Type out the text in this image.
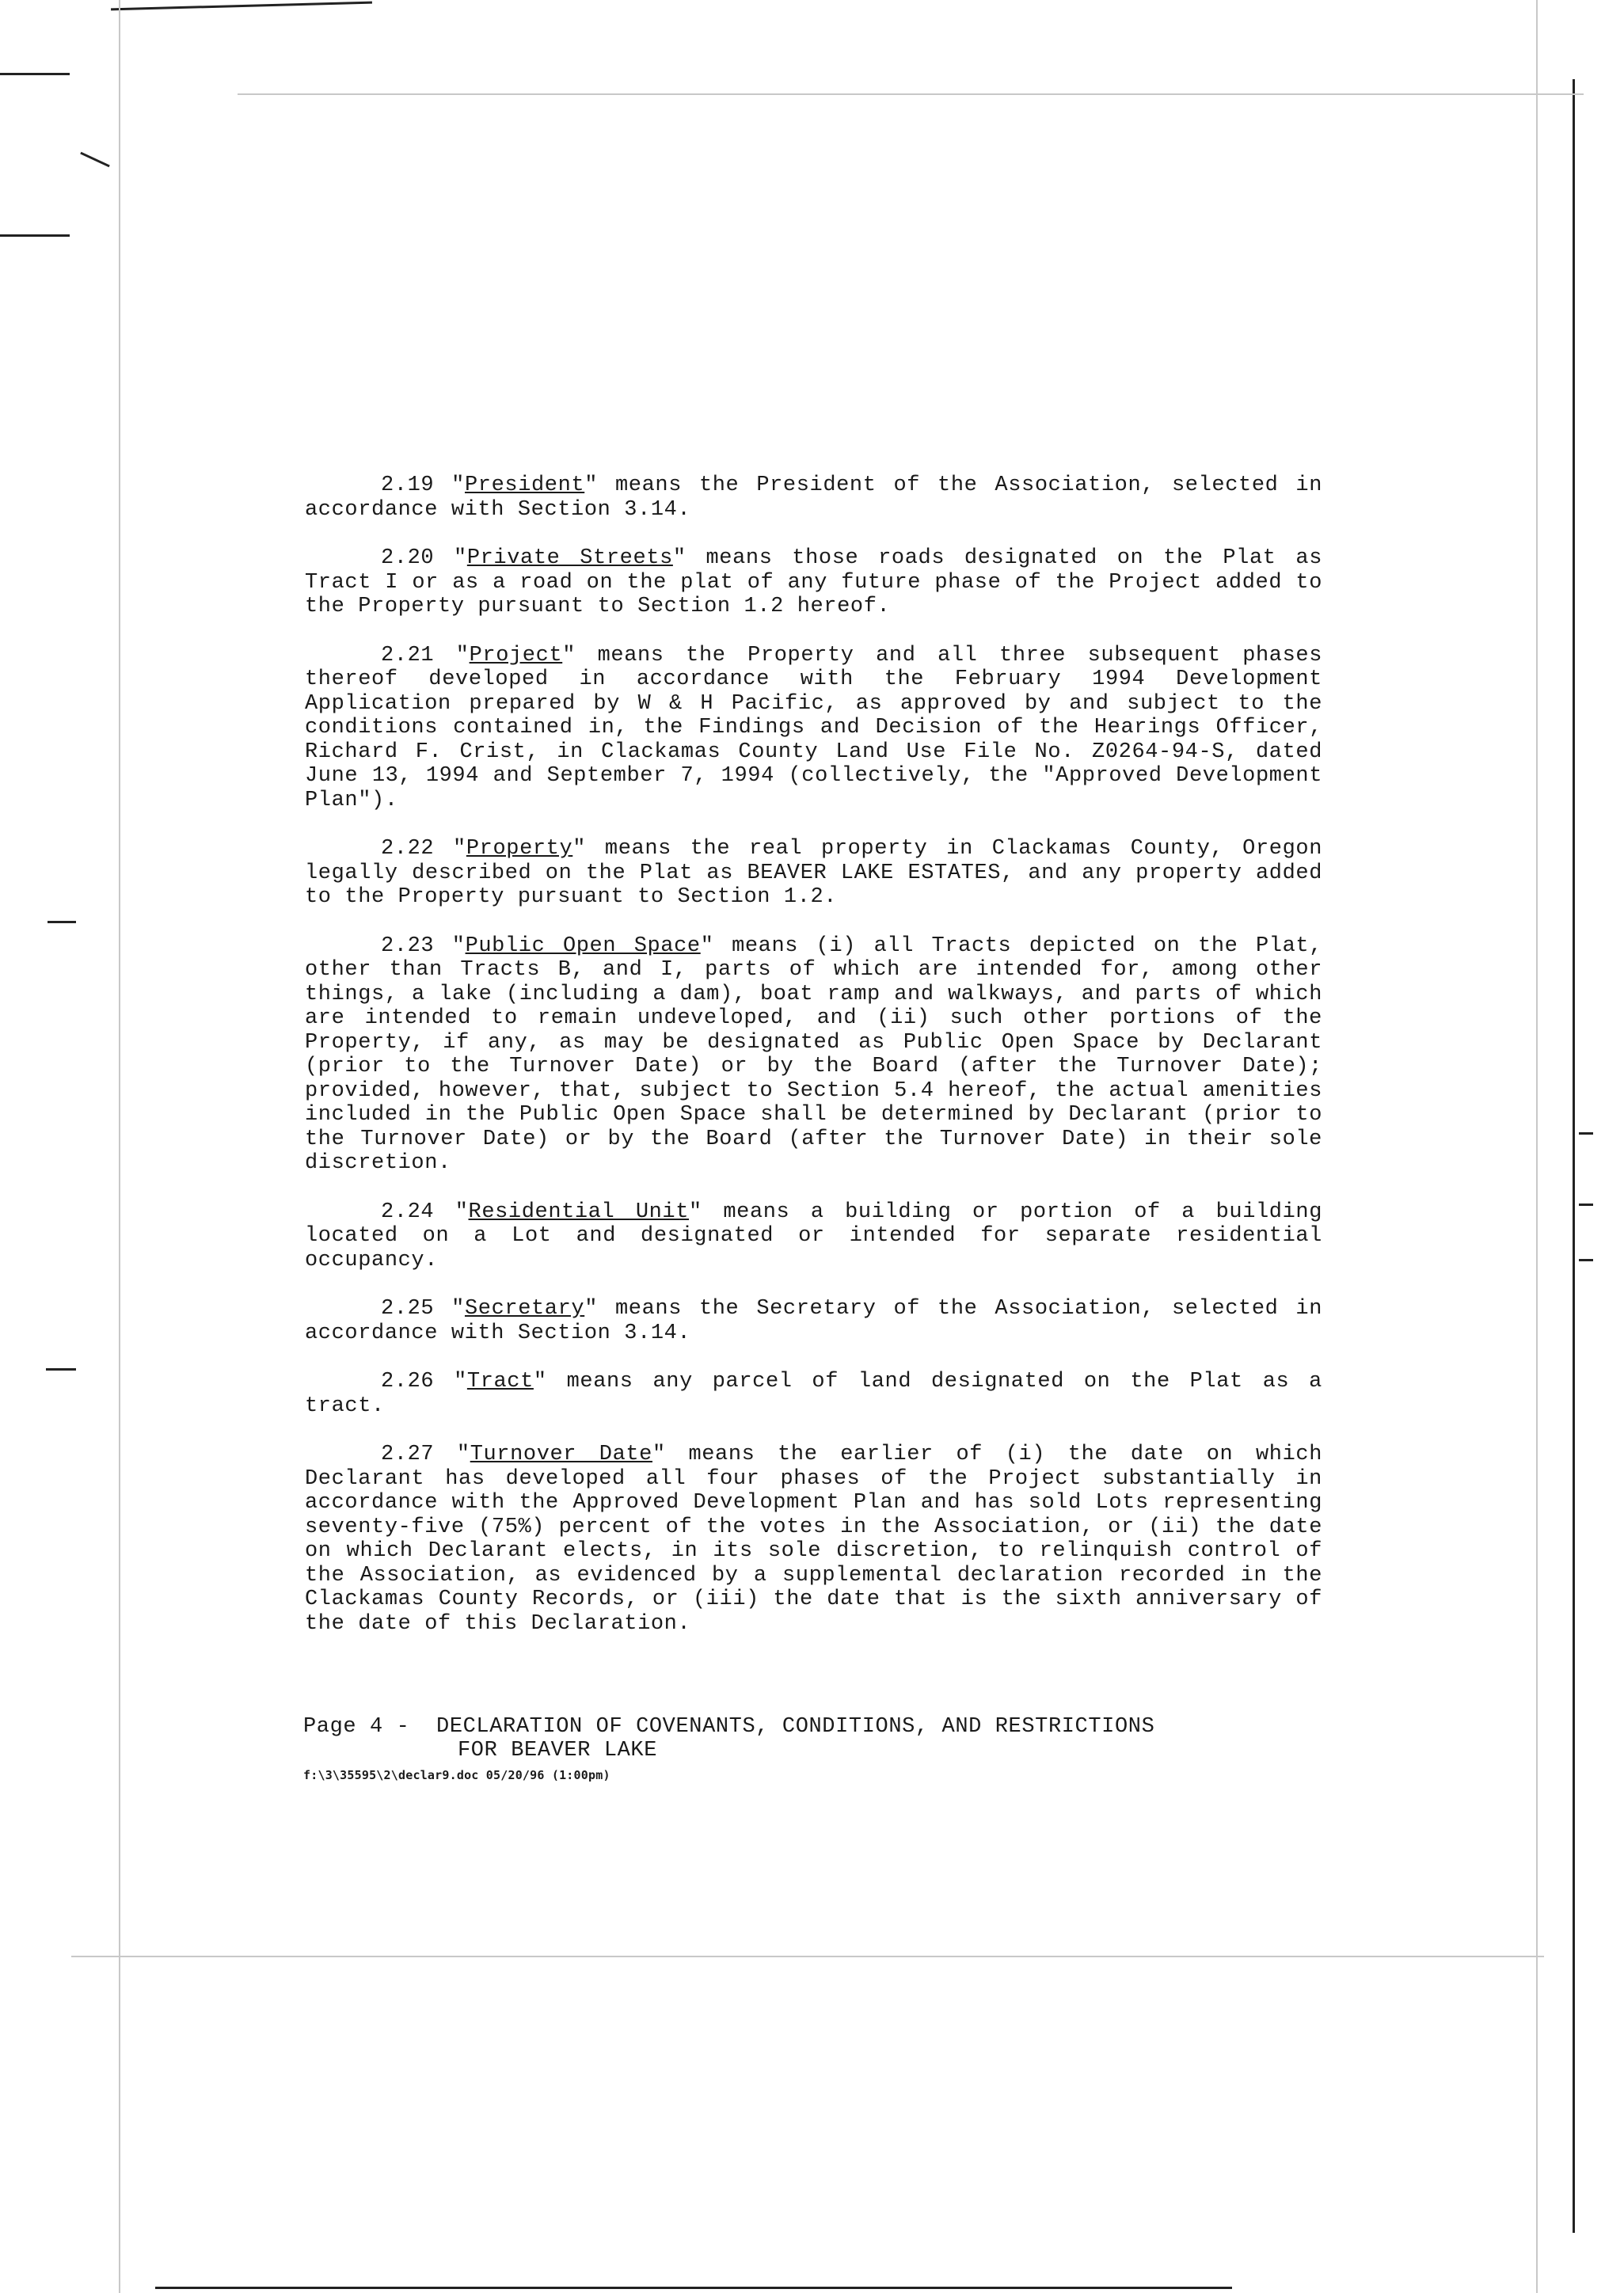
2.19 "President" means the President of the Association, selected in accordance with Section 3.14.

2.20 "Private Streets" means those roads designated on the Plat as Tract I or as a road on the plat of any future phase of the Project added to the Property pursuant to Section 1.2 hereof.

2.21 "Project" means the Property and all three subsequent phases thereof developed in accordance with the February 1994 Development Application prepared by W & H Pacific, as approved by and subject to the conditions contained in, the Findings and Decision of the Hearings Officer, Richard F. Crist, in Clackamas County Land Use File No. Z0264-94-S, dated June 13, 1994 and September 7, 1994 (collectively, the "Approved Development Plan").

2.22 "Property" means the real property in Clackamas County, Oregon legally described on the Plat as BEAVER LAKE ESTATES, and any property added to the Property pursuant to Section 1.2.

2.23 "Public Open Space" means (i) all Tracts depicted on the Plat, other than Tracts B, and I, parts of which are intended for, among other things, a lake (including a dam), boat ramp and walkways, and parts of which are intended to remain undeveloped, and (ii) such other portions of the Property, if any, as may be designated as Public Open Space by Declarant (prior to the Turnover Date) or by the Board (after the Turnover Date); provided, however, that, subject to Section 5.4 hereof, the actual amenities included in the Public Open Space shall be determined by Declarant (prior to the Turnover Date) or by the Board (after the Turnover Date) in their sole discretion.

2.24 "Residential Unit" means a building or portion of a building located on a Lot and designated or intended for separate residential occupancy.

2.25 "Secretary" means the Secretary of the Association, selected in accordance with Section 3.14.

2.26 "Tract" means any parcel of land designated on the Plat as a tract.

2.27 "Turnover Date" means the earlier of (i) the date on which Declarant has developed all four phases of the Project substantially in accordance with the Approved Development Plan and has sold Lots representing seventy-five (75%) percent of the votes in the Association, or (ii) the date on which Declarant elects, in its sole discretion, to relinquish control of the Association, as evidenced by a supplemental declaration recorded in the Clackamas County Records, or (iii) the date that is the sixth anniversary of the date of this Declaration.

Page 4 -  DECLARATION OF COVENANTS, CONDITIONS, AND RESTRICTIONS
FOR BEAVER LAKE
f:\3\35595\2\declar9.doc 05/20/96 (1:00pm)
